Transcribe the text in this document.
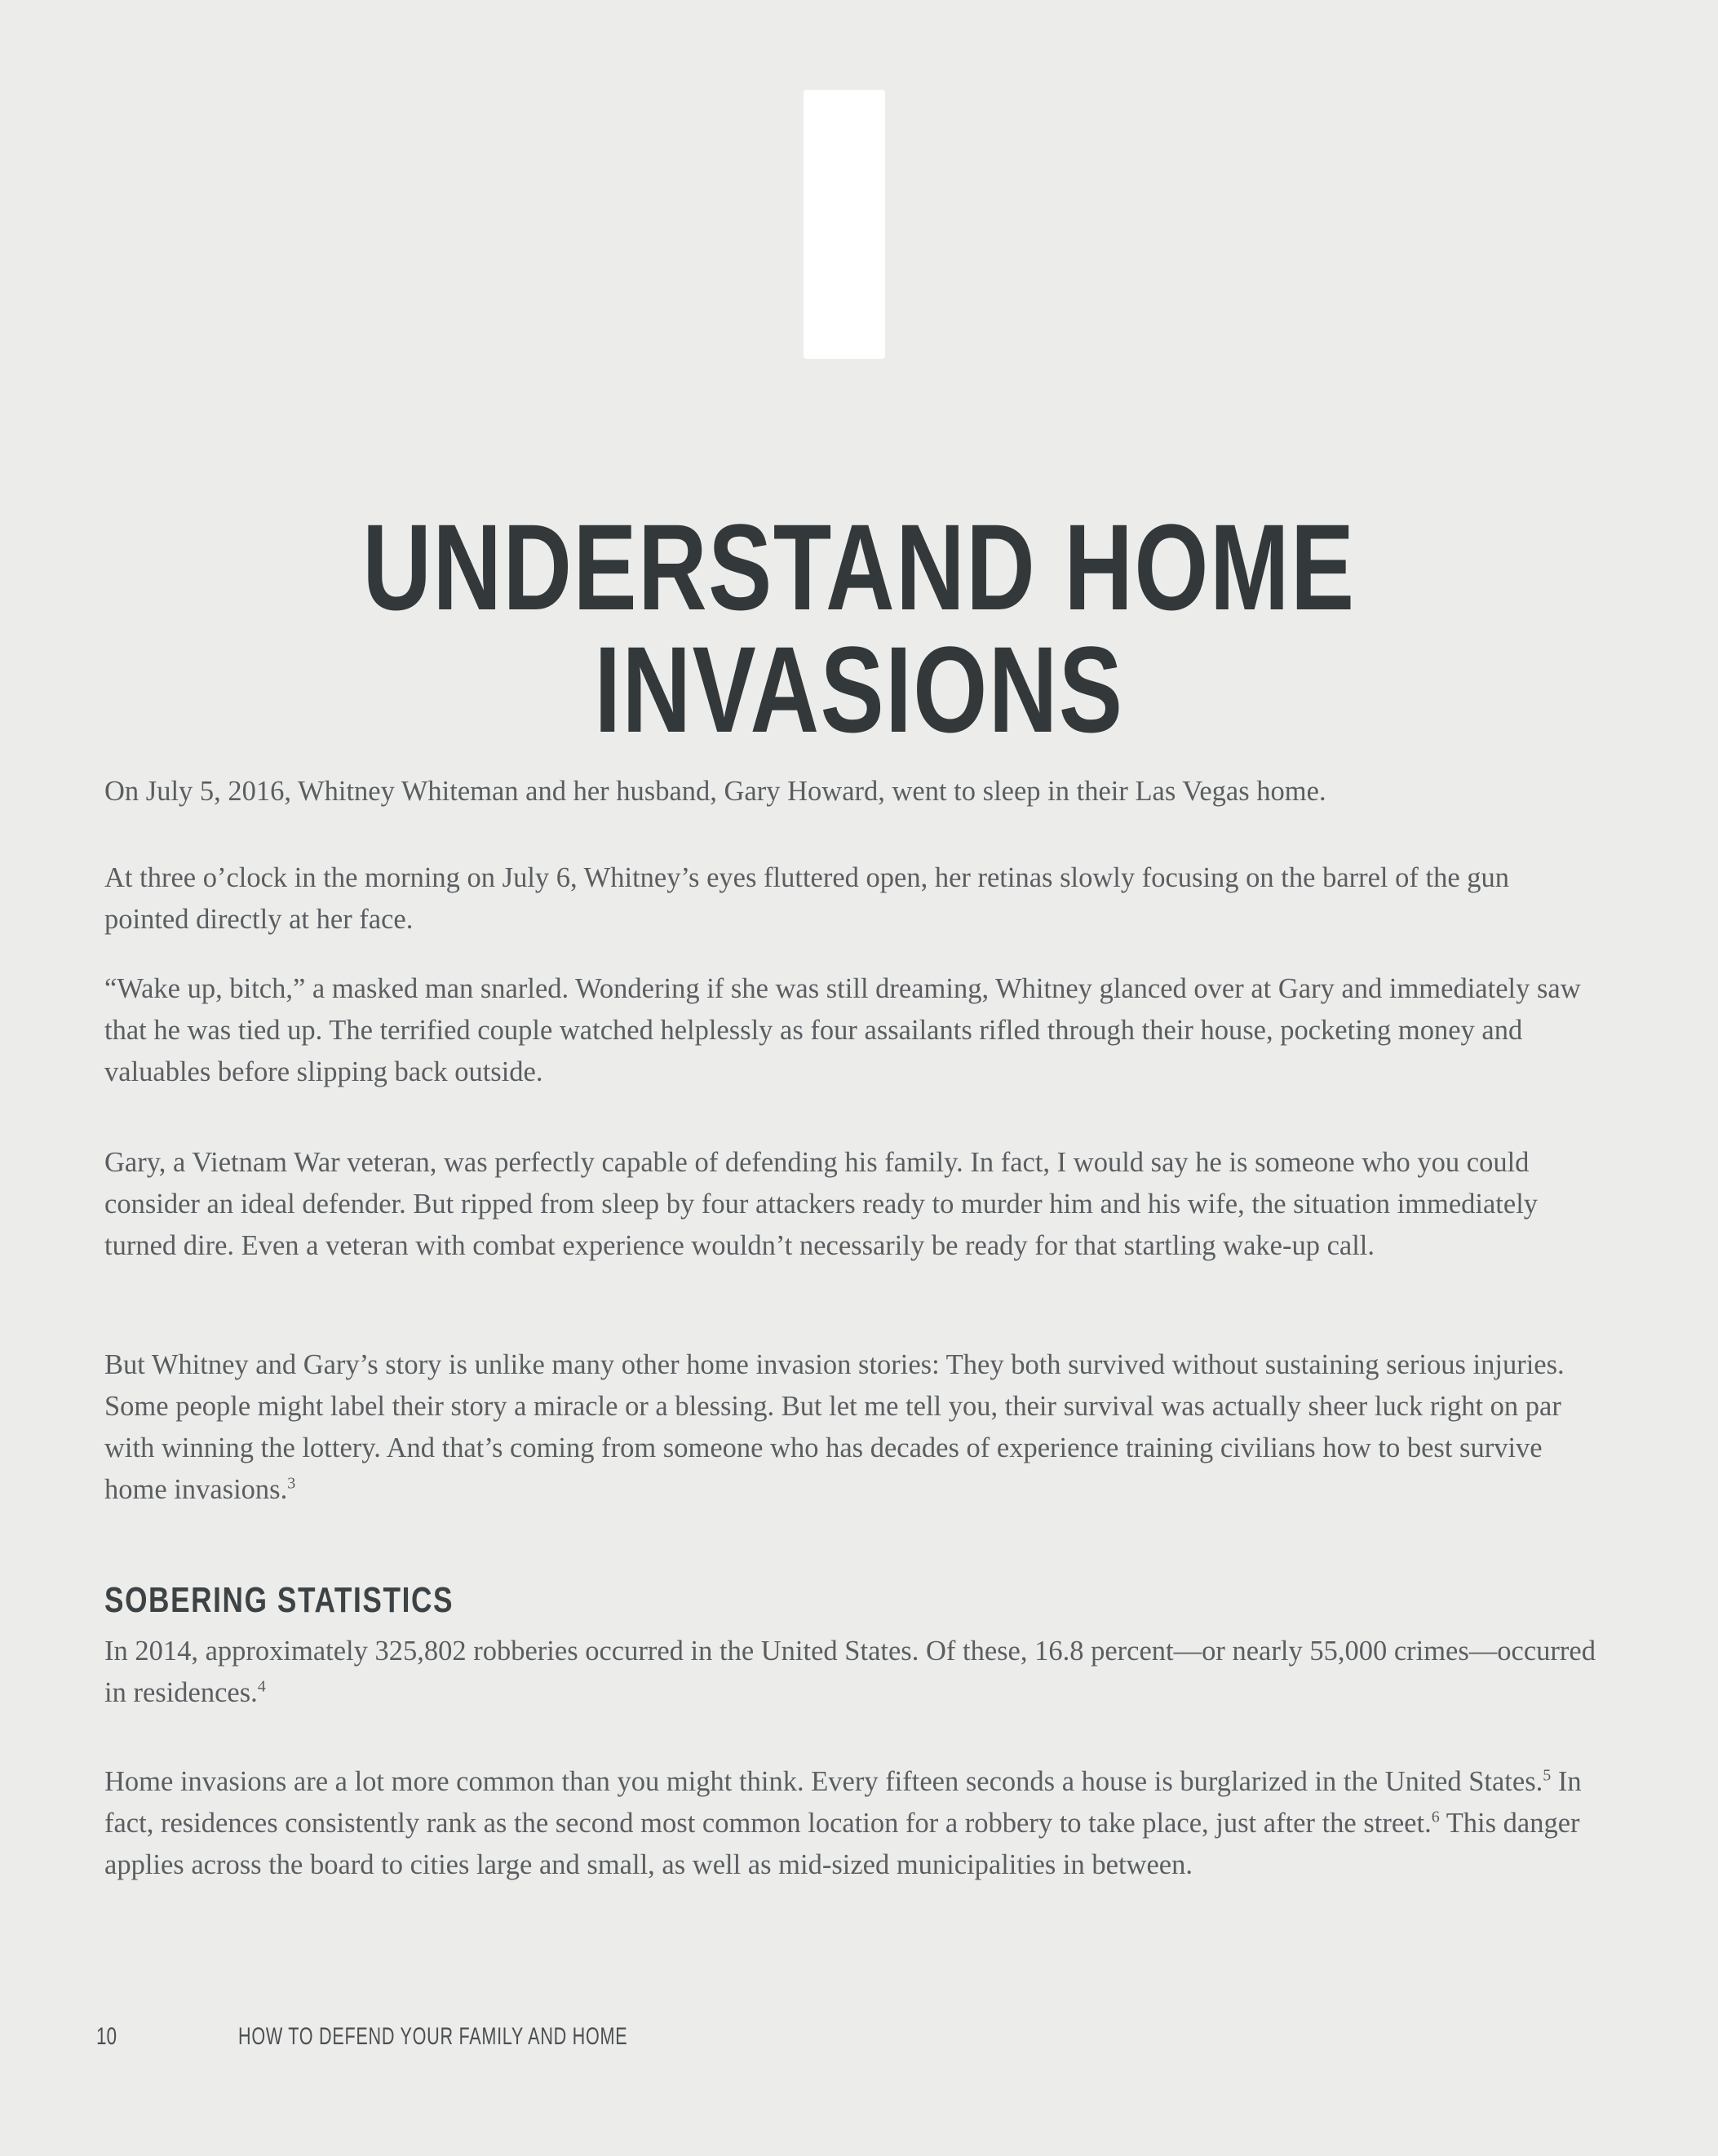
UNDERSTAND HOME INVASIONS

On July 5, 2016, Whitney Whiteman and her husband, Gary Howard, went to sleep in their Las Vegas home.

At three o’clock in the morning on July 6, Whitney’s eyes fluttered open, her retinas slowly focusing on the barrel of the gun pointed directly at her face.

“Wake up, bitch,” a masked man snarled. Wondering if she was still dreaming, Whitney glanced over at Gary and immediately saw that he was tied up. The terrified couple watched helplessly as four assailants rifled through their house, pocketing money and valuables before slipping back outside.

Gary, a Vietnam War veteran, was perfectly capable of defending his family. In fact, I would say he is someone who you could consider an ideal defender. But ripped from sleep by four attackers ready to murder him and his wife, the situation immediately turned dire. Even a veteran with combat experience wouldn’t necessarily be ready for that startling wake-up call.

But Whitney and Gary’s story is unlike many other home invasion stories: They both survived without sustaining serious injuries. Some people might label their story a miracle or a blessing. But let me tell you, their survival was actually sheer luck right on par with winning the lottery. And that’s coming from someone who has decades of experience training civilians how to best survive home invasions.$^3$

SOBERING STATISTICS

In 2014, approximately 325,802 robberies occurred in the United States. Of these, 16.8 percent—or nearly 55,000 crimes—occurred in residences.$^4$

Home invasions are a lot more common than you might think. Every fifteen seconds a house is burglarized in the United States.$^5$ In fact, residences consistently rank as the second most common location for a robbery to take place, just after the street.$^6$ This danger applies across the board to cities large and small, as well as mid-sized municipalities in between.

10	HOW TO DEFEND YOUR FAMILY AND HOME
